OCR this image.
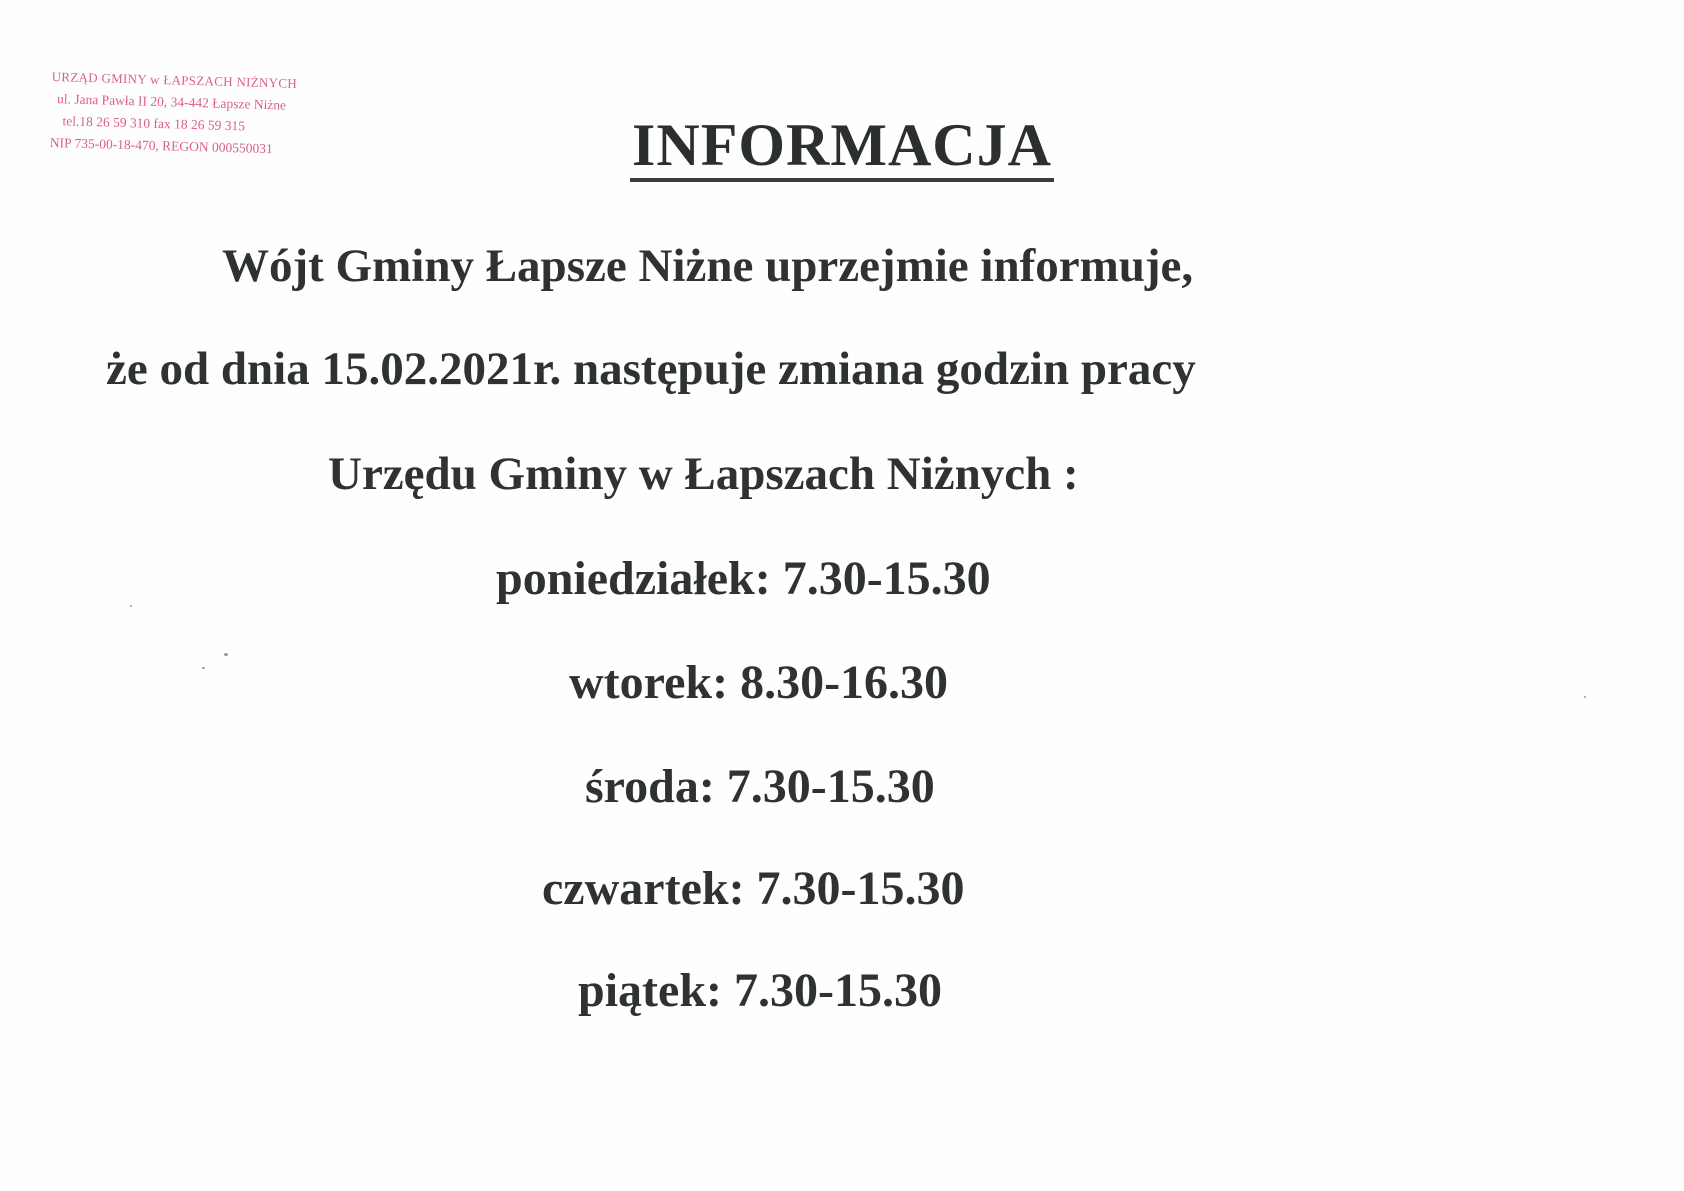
URZĄD GMINY w ŁAPSZACH NIŻNYCH
ul. Jana Pawła II 20, 34-442 Łapsze Niżne
tel.18 26 59 310 fax 18 26 59 315
NIP 735-00-18-470, REGON 000550031	INFORMACJA
Wójt Gminy Łapsze Niżne uprzejmie informuje,
że od dnia 15.02.2021r. następuje zmiana godzin pracy
Urzędu Gminy w Łapszach Niżnych :
poniedziałek: 7.30-15.30
wtorek: 8.30-16.30
środa: 7.30-15.30
czwartek: 7.30-15.30
piątek: 7.30-15.30
